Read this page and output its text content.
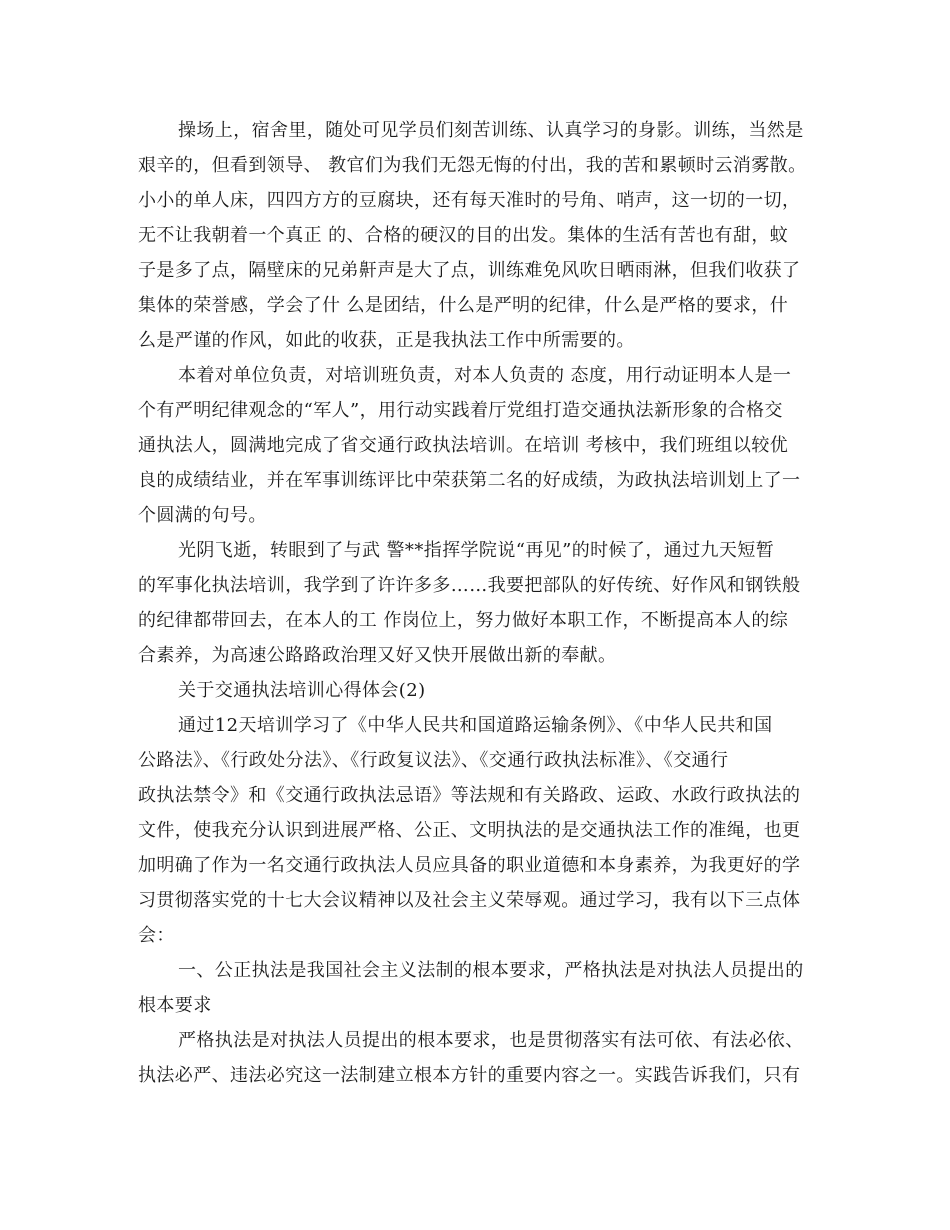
操场上，宿舍里，随处可见学员们刻苦训练、认真学习的身影。训练，当然是
艰辛的，但看到领导、 教官们为我们无怨无悔的付出，我的苦和累顿时云消雾散。
小小的单人床，四四方方的豆腐块，还有每天准时的号角、哨声，这一切的一切，
无不让我朝着一个真正 的、合格的硬汉的目的出发。集体的生活有苦也有甜，蚊
子是多了点，隔壁床的兄弟鼾声是大了点，训练难免风吹日晒雨淋，但我们收获了
集体的荣誉感，学会了什 么是团结，什么是严明的纪律，什么是严格的要求，什
么是严谨的作风，如此的收获，正是我执法工作中所需要的。
本着对单位负责，对培训班负责，对本人负责的 态度，用行动证明本人是一
个有严明纪律观念的“军人”，用行动实践着厅党组打造交通执法新形象的合格交
通执法人，圆满地完成了省交通行政执法培训。在培训 考核中，我们班组以较优
良的成绩结业，并在军事训练评比中荣获第二名的好成绩，为政执法培训划上了一
个圆满的句号。
光阴飞逝，转眼到了与武 警**指挥学院说“再见”的时候了，通过九天短暂
的军事化执法培训，我学到了许许多多……我要把部队的好传统、好作风和钢铁般
的纪律都带回去，在本人的工 作岗位上，努力做好本职工作，不断提高本人的综
合素养，为高速公路路政治理又好又快开展做出新的奉献。
关于交通执法培训心得体会(2)
通过12天培训学习了《中华人民共和国道路运输条例》、《中华人民共和国
公路法》、《行政处分法》、《行政复议法》、《交通行政执法标准》、《交通行
政执法禁令》和《交通行政执法忌语》等法规和有关路政、运政、水政行政执法的
文件，使我充分认识到进展严格、公正、文明执法的是交通执法工作的准绳，也更
加明确了作为一名交通行政执法人员应具备的职业道德和本身素养，为我更好的学
习贯彻落实党的十七大会议精神以及社会主义荣辱观。通过学习，我有以下三点体
会：
一、公正执法是我国社会主义法制的根本要求，严格执法是对执法人员提出的
根本要求
严格执法是对执法人员提出的根本要求，也是贯彻落实有法可依、有法必依、
执法必严、违法必究这一法制建立根本方针的重要内容之一。实践告诉我们，只有
